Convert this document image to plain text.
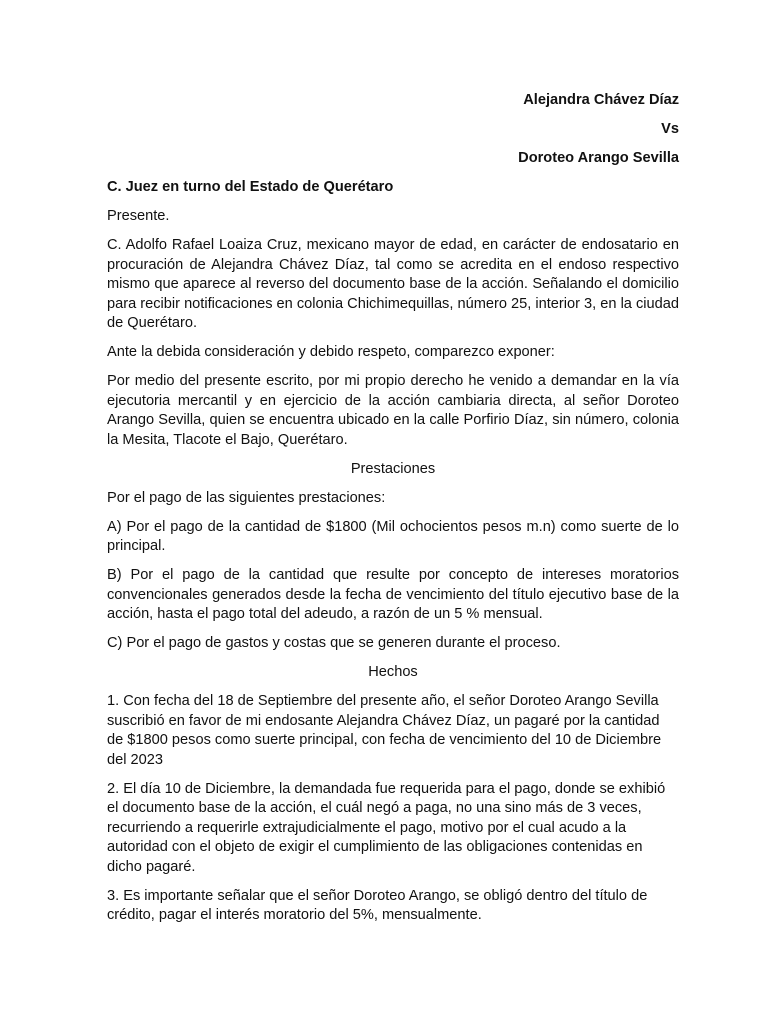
Alejandra Chávez Díaz

Vs

Doroteo Arango Sevilla

C. Juez en turno del Estado de Querétaro

Presente.

C. Adolfo Rafael Loaiza Cruz, mexicano mayor de edad, en carácter de endosatario en procuración de Alejandra Chávez Díaz, tal como se acredita en el endoso respectivo mismo que aparece al reverso del documento base de la acción. Señalando el domicilio para recibir notificaciones en colonia Chichimequillas, número 25, interior 3, en la ciudad de Querétaro.

Ante la debida consideración y debido respeto, comparezco exponer:

Por medio del presente escrito, por mi propio derecho he venido a demandar en la vía ejecutoria mercantil y en ejercicio de la acción cambiaria directa, al señor Doroteo Arango Sevilla, quien se encuentra ubicado en la calle Porfirio Díaz, sin número, colonia la Mesita, Tlacote el Bajo, Querétaro.

Prestaciones

Por el pago de las siguientes prestaciones:

A) Por el pago de la cantidad de $1800 (Mil ochocientos pesos m.n) como suerte de lo principal.

B) Por el pago de la cantidad que resulte por concepto de intereses moratorios convencionales generados desde la fecha de vencimiento del título ejecutivo base de la acción, hasta el pago total del adeudo, a razón de un 5 % mensual.

C) Por el pago de gastos y costas que se generen durante el proceso.

Hechos

1. Con fecha del 18 de Septiembre del presente año, el señor Doroteo Arango Sevilla suscribió en favor de mi endosante Alejandra Chávez Díaz, un pagaré por la cantidad de $1800 pesos como suerte principal, con fecha de vencimiento del 10 de Diciembre del 2023

2. El día 10 de Diciembre, la demandada fue requerida para el pago, donde se exhibió el documento base de la acción, el cuál negó a paga, no una sino más de 3 veces, recurriendo a requerirle extrajudicialmente el pago, motivo por el cual acudo a la autoridad con el objeto de exigir el cumplimiento de las obligaciones contenidas en dicho pagaré.

3. Es importante señalar que el señor Doroteo Arango, se obligó dentro del título de crédito, pagar el interés moratorio del 5%, mensualmente.
